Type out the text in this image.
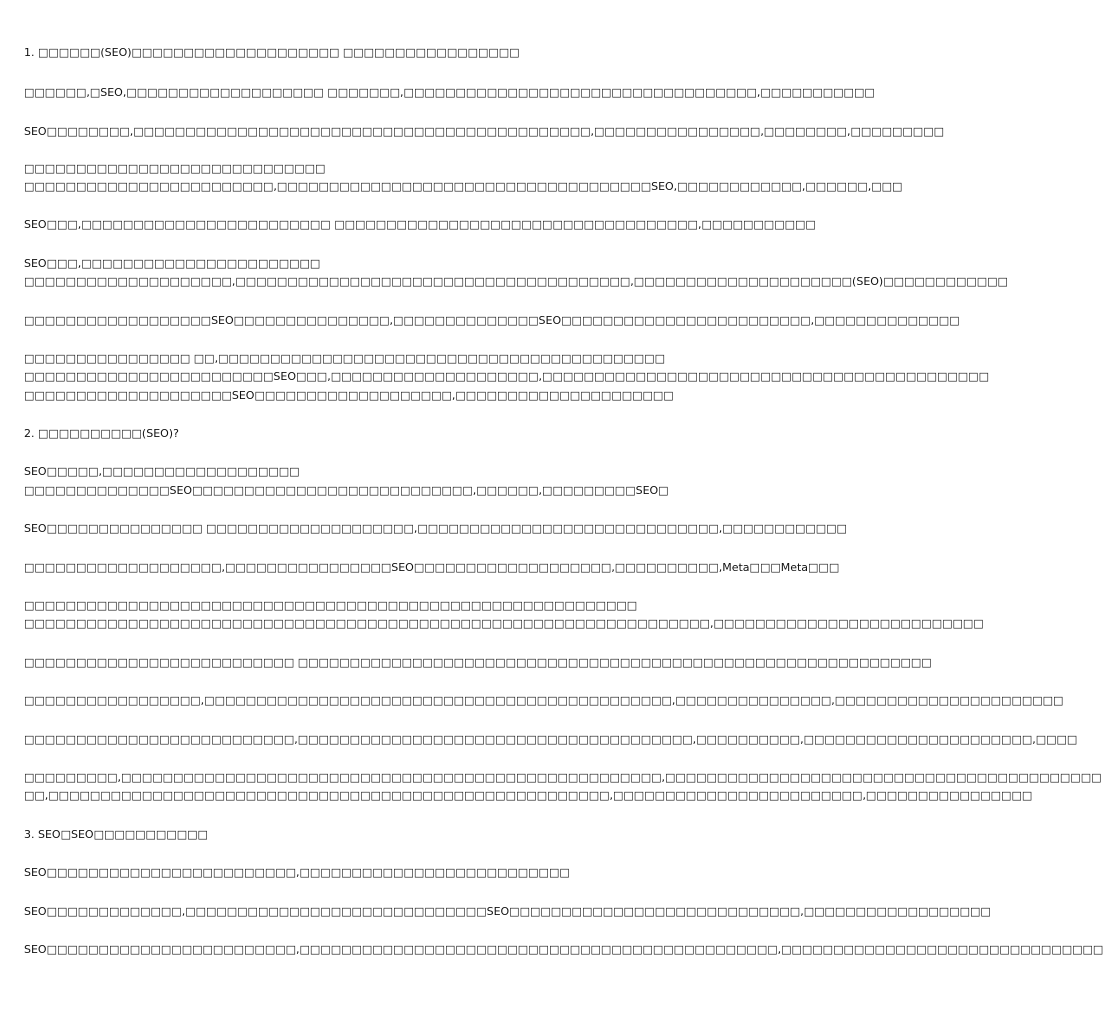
1. □□□□□□(SEO)□□□□□□□□□□□□□□□□□□□□ □□□□□□□□□□□□□□□□□
□□□□□□,□SEO,□□□□□□□□□□□□□□□□□□□ □□□□□□□,□□□□□□□□□□□□□□□□□□□□□□□□□□□□□□□□□□,□□□□□□□□□□□
SEO□□□□□□□□,□□□□□□□□□□□□□□□□□□□□□□□□□□□□□□□□□□□□□□□□□□□□,□□□□□□□□□□□□□□□□,□□□□□□□□,□□□□□□□□□
□□□□□□□□□□□□□□□□□□□□□□□□□□□□□
□□□□□□□□□□□□□□□□□□□□□□□□,□□□□□□□□□□□□□□□□□□□□□□□□□□□□□□□□□□□□SEO,□□□□□□□□□□□□,□□□□□□,□□□
SEO□□□,□□□□□□□□□□□□□□□□□□□□□□□□ □□□□□□□□□□□□□□□□□□□□□□□□□□□□□□□□□□□,□□□□□□□□□□□
SEO□□□,□□□□□□□□□□□□□□□□□□□□□□□
□□□□□□□□□□□□□□□□□□□□,□□□□□□□□□□□□□□□□□□□□□□□□□□□□□□□□□□□□□□,□□□□□□□□□□□□□□□□□□□□□(SEO)□□□□□□□□□□□□
□□□□□□□□□□□□□□□□□□SEO□□□□□□□□□□□□□□□,□□□□□□□□□□□□□□SEO□□□□□□□□□□□□□□□□□□□□□□□□,□□□□□□□□□□□□□□
□□□□□□□□□□□□□□□□ □□,□□□□□□□□□□□□□□□□□□□□□□□□□□□□□□□□□□□□□□□□□□□
□□□□□□□□□□□□□□□□□□□□□□□□SEO□□□,□□□□□□□□□□□□□□□□□□□□,□□□□□□□□□□□□□□□□□□□□□□□□□□□□□□□□□□□□□□□□□□□
□□□□□□□□□□□□□□□□□□□□SEO□□□□□□□□□□□□□□□□□□□,□□□□□□□□□□□□□□□□□□□□□
2. □□□□□□□□□□(SEO)?
SEO□□□□□,□□□□□□□□□□□□□□□□□□□
□□□□□□□□□□□□□□SEO□□□□□□□□□□□□□□□□□□□□□□□□□□□,□□□□□□,□□□□□□□□□SEO□
SEO□□□□□□□□□□□□□□□ □□□□□□□□□□□□□□□□□□□□,□□□□□□□□□□□□□□□□□□□□□□□□□□□□□,□□□□□□□□□□□□
□□□□□□□□□□□□□□□□□□□,□□□□□□□□□□□□□□□□SEO□□□□□□□□□□□□□□□□□□□,□□□□□□□□□□,Meta□□□Meta□□□
□□□□□□□□□□□□□□□□□□□□□□□□□□□□□□□□□□□□□□□□□□□□□□□□□□□□□□□□□□□
□□□□□□□□□□□□□□□□□□□□□□□□□□□□□□□□□□□□□□□□□□□□□□□□□□□□□□□□□□□□□□□□□□,□□□□□□□□□□□□□□□□□□□□□□□□□□
□□□□□□□□□□□□□□□□□□□□□□□□□□ □□□□□□□□□□□□□□□□□□□□□□□□□□□□□□□□□□□□□□□□□□□□□□□□□□□□□□□□□□□□□
□□□□□□□□□□□□□□□□□,□□□□□□□□□□□□□□□□□□□□□□□□□□□□□□□□□□□□□□□□□□□□□,□□□□□□□□□□□□□□□,□□□□□□□□□□□□□□□□□□□□□□
□□□□□□□□□□□□□□□□□□□□□□□□□□,□□□□□□□□□□□□□□□□□□□□□□□□□□□□□□□□□□□□□□,□□□□□□□□□□,□□□□□□□□□□□□□□□□□□□□□□,□□□□
□□□□□□□□□,□□□□□□□□□□□□□□□□□□□□□□□□□□□□□□□□□□□□□□□□□□□□□□□□□□□□,□□□□□□□□□□□□□□□□□□□□□□□□□□□□□□□□□□□□□□□□□□
□□,□□□□□□□□□□□□□□□□□□□□□□□□□□□□□□□□□□□□□□□□□□□□□□□□□□□□□□,□□□□□□□□□□□□□□□□□□□□□□□□,□□□□□□□□□□□□□□□□
3. SEO□SEO□□□□□□□□□□□
SEO□□□□□□□□□□□□□□□□□□□□□□□□,□□□□□□□□□□□□□□□□□□□□□□□□□□
SEO□□□□□□□□□□□□□,□□□□□□□□□□□□□□□□□□□□□□□□□□□□□SEO□□□□□□□□□□□□□□□□□□□□□□□□□□□□,□□□□□□□□□□□□□□□□□□
SEO□□□□□□□□□□□□□□□□□□□□□□□□,□□□□□□□□□□□□□□□□□□□□□□□□□□□□□□□□□□□□□□□□□□□□□□,□□□□□□□□□□□□□□□□□□□□□□□□□□□□□□□
